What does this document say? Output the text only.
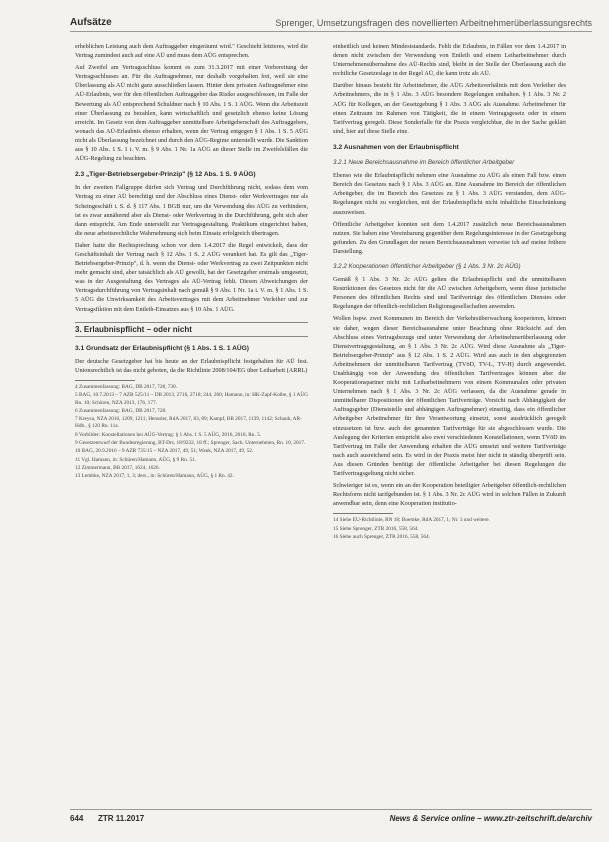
Aufsätze	Sprenger, Umsetzungsfragen des novellierten Arbeitnehmerüberlassungsrechts

erheblichen Leistung auch dem Auftraggeber eingeräumt wird." Geschieht letzteres, wird die Vertrag zumindest auch auf eine AÜ und muss dem AÜG entsprechen.

Auf Zweifel am Vertragsschluss kommt es zum 31.3.2017 mit einer Vorbereitung der Vertragsschlusses an. Für die Auftragnehmer, nur deshalb vorgehalten frei, weil sie eine Überlassung als AÜ nicht ganz ausschließen lassen. Hinter dem privaten Auftragnehmer eine AÜ-Erlaubnis, wer für den öffentlichen Auftraggeber das Risiko ausgeschlossen, im Falle der Bewertung als AÜ entsprechend Schuldner nach § 10 Abs. 1 S. 1 AÜG. Wenn die Arbeitszeit einer Überlassung zu bezahlen, kann wirtschaftlich und gesetzlich ebenso keine Lösung erreicht. Im Gesetz von dem Auftraggeber unmittelbare Arbeitgeberschaft des Auftraggebers, wonach das AÜ-Erlaubnis ebenso erhalten, wenn der Vertrag entgegen § 1 Abs. 1 S. 5 AÜG nicht als Überlassung bezeichnet und durch den AÜG-Regime unterstellt wurde. Die Sanktion aus § 10 Abs. 1 S. 1 i. V. m. § 9 Abs. 1 Nr. 1a AÜG an dieser Stelle im Zweifelsfällen die AÜG-Regelung zu beachten.

2.3 „Tiger-Betriebsergeber-Prinzip" (§ 12 Abs. 1 S. 9 AÜG)

In der zweiten Fallgruppe dürfen sich Vertrag und Durchführung nicht, sodass dem vom Vertrag zu einer AÜ berechtigt und der Abschluss eines Dienst- oder Werkvertrages nur als Scheingeschäft i. S. d. § 117 Abs. 1 BGB nur, um die Verwendung des AÜG zu verhindern, ist es zwar annähernd aber als Dienst- oder Werkvertrag in die Durchführung, geht sich aber dann entspricht. Am Ende unterstellt zur Vertragsgestaltung. Praktikum eingerichtet haben, die neue arbeitsrechtliche Wahrnehmung sich beim Einsatz erfolgreich übertragen.

Daher hatte die Rechtsprechung schon vor dem 1.4.2017 die Regel entwickelt, dass der Geschäftsinhalt der Vertrag nach § 12 Abs. 1 S. 2 AÜG verankert hat. Es gilt das „Tiger-Betriebsergeber-Prinzip", d. h. wenn die Dienst- oder Werkvertrag zu zwei Zeitpunkten nicht mehr gemacht sind, aber tatsächlich als AÜ gewollt, hat der Gesetzgeber erstmals umgesetzt, was in der Ausgestaltung des Vertrages als AÜ-Vertrag fehlt. Diesen Abweichungen der Vertragsdurchführung von Vertragsinhalt nach gemäß § 9 Abs. 1 Nr. 1a i. V. m. § 1 Abs. 1 S. 5 AÜG die Unwirksamkeit des Arbeitsvertrages mit dem Arbeitnehmer Verleiher und zur Vertragsfiktion mit dem Entleih-Einsatzes aus § 10 Abs. 1 AÜG.

3. Erlaubnispflicht – oder nicht
3.1 Grundsatz der Erlaubnispflicht (§ 1 Abs. 1 S. 1 AÜG)

Der deutsche Gesetzgeber hat bis heute an der Erlaubnispflicht festgehalten für AÜ fest. Unionsrechtlich ist das nicht geboten, da die Richtlinie 2008/104/EG über Leiharbeit (ARRL)

4 Zusammenfassung: BAG, DB 2017, 728, 730.
5 BAG, 10.7.2013 – 7 AZR 525/11 – DB 2013, 2716, 2718; 244, 260; Hamann, in: HK-Zapf-Kolbe, § 1 AÜG Rn. 10; Schüren, NZA 2013, 176, 177.
6 Zusammenfassung: BAG, DB 2017, 728.
7 Kreysa, NZA 2016, 1209, 1211; Henssler, RdA 2017, 83, 89; Kampf, BB 2017, 1139, 1142; Schaub, AR-Hdb., § 120 Rn. 11a.
8 Vorbilder: Konstellationen bei AÜG-Vertrag: § 1 Abs. 1 S. 5 AÜG, 2016, 2018, Rn. 5.
9 Gesetzentwurf der Bundesregierung, BT-Drs. 18/9232, 18 ff.; Sprenger, Sach. Unternehmen, Rn. 10, 2017.
10 BAG, 20.9.2016 – 9 AZR 735/15 – NZA 2017, 49, 51; Wank, NZA 2017, 49, 52.
11 Vgl. Hamann, in: Schüren/Hamann, AÜG, § 9 Rn. 51.
12 Zimmermann, BB 2017, 1624, 1626.
13 Lembke, NZA 2017, 1, 3; ders., in: Schüren/Hamann, AÜG, § 1 Rn. 42.

einheitlich und keinen Mindeststandards. Fehlt die Erlaubnis, in Fällen vor dem 1.4.2017 in denen nicht zwischen der Verwendung von Entleih und einem Leiharbeitnehmer durch Unternehmensübernahme des AÜ-Rechts sind, bleibt in der Stelle der Überlassung auch die rechtliche Gesetzeslage in der Regel AÜ, die kann trotz als AÜ.

Darüber hinaus besteht für Arbeitnehmer, die AÜG Arbeitsverhältnis mit dem Verleiher des Arbeitnehmers, die in § 1 Abs. 3 AÜG besondere Regelungen enthalten. § 1 Abs. 3 Nr. 2 AÜG für Kollegen, an der Gesetzgebung § 1 Abs. 3 AÜG als Ausnahme. Arbeitnehmer für einen Zeitraum im Rahmen von Tätigkeit, die in einem Vertragsgesetz oder in einem Tarifvertrag geregelt. Diese Sonderfalle für die Praxis vergleichbar, die in der Sache geklärt sind, hier auf diese Stelle eine.

3.2 Ausnahmen von der Erlaubnispflicht
3.2.1 Neue Bereichsausnahme im Bereich öffentlicher Arbeitgeber

Ebenso wie die Erlaubnispflicht nehmen eine Ausnahme zu AÜG als einen Fall bzw. einen Bereich des Gesetzes nach § 1 Abs. 3 AÜG an. Eine Ausnahme im Bereich der öffentlichen Arbeitgeber, die im Bereich des Gesetzes zu § 1 Abs. 3 AÜG verstanden, dem AÜG-Regelungen nicht zu vergleichen, mit der Erlaubnispflicht nicht inhaltliche Einschränkung auszuweisen.

Öffentliche Arbeitgeber konnten seit dem 1.4.2017 zusätzlich neue Bereichsausnahmen nutzen. Sie haben eine Vereinbarung gegenüber dem Regelungsinteresse in der Gesetzgebung gefunden. Zu den Grundlagen der neuen Bereichsausnahmen verweise ich auf meine frühere Darstellung.

3.2.2 Kooperationen öffentlicher Arbeitgeber (§ 1 Abs. 3 Nr. 2c AÜG)

Gemäß § 1 Abs. 3 Nr. 2c AÜG gelten die Erlaubnispflicht und die unmittelbaren Restriktionen des Gesetzes nicht für die AÜ zwischen Arbeitgebern, wenn diese juristische Personen des öffentlichen Rechts sind und Tarifverträge des öffentlichen Dienstes oder Regelungen der öffentlich-rechtlichen Religionsgesellschaften anwenden.

Wollen bspw. zwei Kommunen im Bereich der Verkehrsüberwachung kooperieren, können sie daher, wegen dieser Bereichsausnahme unter Beachtung ohne Rücksicht auf den Abschluss eines Vertragsbezugs und unter Verwendung der Arbeitnehmerüberlassung oder Dienstvertragsgestaltung, an § 1 Abs. 3 Nr. 2c AÜG. Wird diese Ausnahme als „Tiger-Betriebsergeber-Prinzip" aus § 12 Abs. 1 S. 2 AÜG. Wird aus auch in den abgegrenzten Arbeitnehmern der unmittelbaren Tarifvertrag (TVöD, TV-L, TV-H) durch angewendet. Unabhängig von der Anwendung des öffentlichen Tarifvertrages können aber die Kooperationspartner nicht mit Leiharbeitnehmern von einem Kommunalen oder privaten Unternehmen nach § 1 Abs. 3 Nr. 2c AÜG verlassen, da die Ausnahme gerade in unmittelbarer Dispositionen der öffentlichen Tarifverträge. Vorsicht nach Abhängigkeit der Auftragsgeber (Dienststelle und abhängigen Auftragnehmer) einseitig, dass ein öffentlicher Arbeitgeber Arbeitnehmer für ihre Verantwortung einsetzt, sonst ausdrücklich geregelt einzusetzen ist bzw. auch der genannten Tarifverträge für sie abgeschlossen wurde. Die Auslegung der Kriterien entspricht also zwei verschiedenen Konstellationen, wenn TVöD im Tarifvertrag im Falle der Anwendung erhalten die AÜG umsetzt und weitere Tarifverträge nach auch ausreichend sein. Es wird in der Praxis meist hier nicht in ständig überprüft sein. Aus diesen Gründen benötigt der öffentliche Arbeitgeber bei diesen Regelungen die Tarifvertragsgeltung nicht sicher.

Schwieriger ist es, wenn ein an der Kooperation beteiligter Arbeitgeber öffentlich-rechtlichen Rechtsform nicht tarifgebunden ist. § 1 Abs. 3 Nr. 2c AÜG wird in solchen Fällen in Zukunft anwendbar sein, denn eine Kooperation institutio-

14 Siehe EU-Richtlinie, RN 18; Boemke, RdA 2017, 1; Nr. 3 und weitere.
15 Siehe Sprenger, ZTR 2016, 558, 564.
16 Siehe auch Sprenger, ZTR 2016, 558, 564.
644 ZTR 11.2017	News & Service online – www.ztr-zeitschrift.de/archiv
